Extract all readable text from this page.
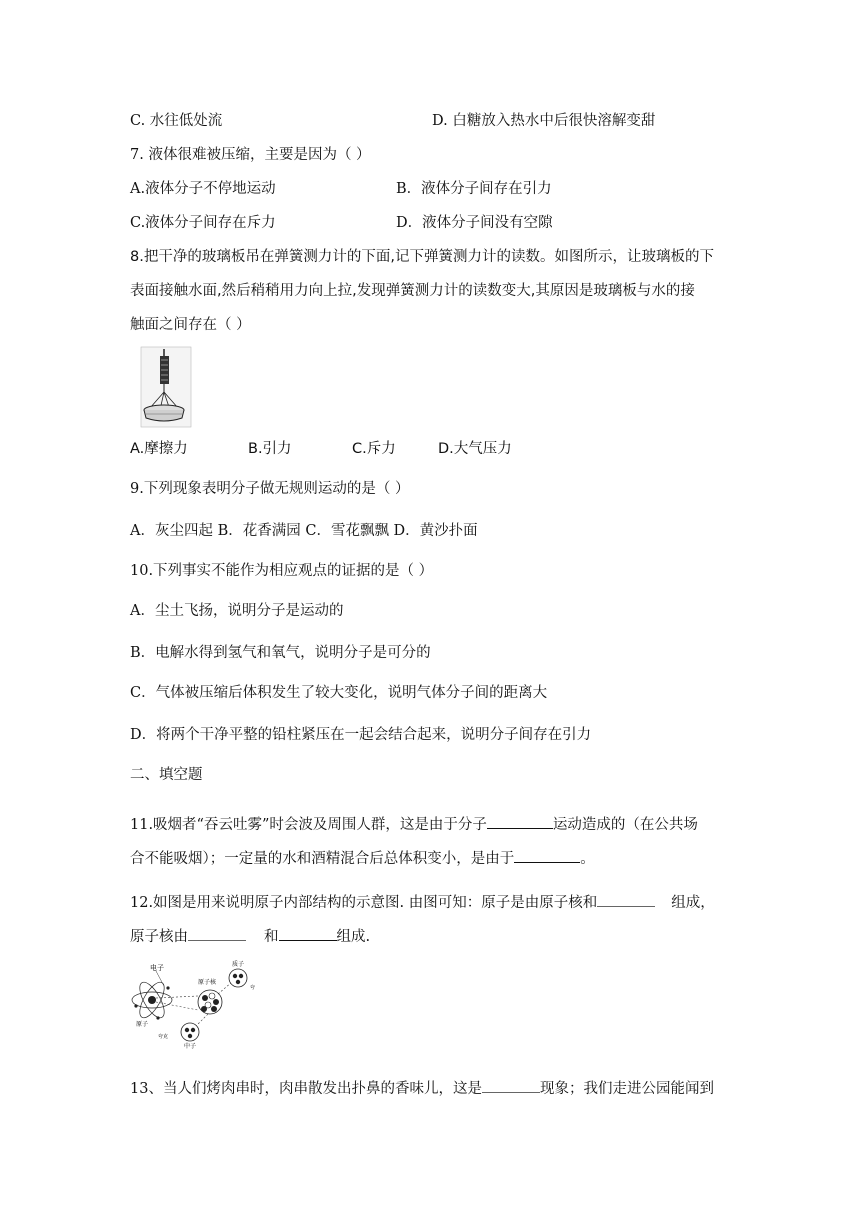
C. 水往低处流	D. 白糖放入热水中后很快溶解变甜
7. 液体很难被压缩，主要是因为（ ）
A.液体分子不停地运动	B．液体分子间存在引力
C.液体分子间存在斥力	D．液体分子间没有空隙
8.把干净的玻璃板吊在弹簧测力计的下面,记下弹簧测力计的读数。如图所示，让玻璃板的下
表面接触水面,然后稍稍用力向上拉,发现弹簧测力计的读数变大,其原因是玻璃板与水的接
触面之间存在（ ）
A.摩擦力	B.引力	C.斥力	D.大气压力
9.下列现象表明分子做无规则运动的是（ ）
A．灰尘四起 B．花香满园 C．雪花飘飘 D．黄沙扑面
10.下列事实不能作为相应观点的证据的是（ ）
A．尘土飞扬，说明分子是运动的
B．电解水得到氢气和氧气，说明分子是可分的
C．气体被压缩后体积发生了较大变化，说明气体分子间的距离大
D．将两个干净平整的铅柱紧压在一起会结合起来，说明分子间存在引力
二、填空题
11.吸烟者“吞云吐雾”时会波及周围人群，这是由于分子	运动造成的（在公共场
合不能吸烟）；一定量的水和酒精混合后总体积变小，是由于	。
12.如图是用来说明原子内部结构的示意图. 由图可知：原子是由原子核和	组成，
原子核由	和	组成.
电子
原子核
质子
夸
原子
夸克
中子
13、当人们烤肉串时，肉串散发出扑鼻的香味儿，这是	现象；我们走进公园能闻到
